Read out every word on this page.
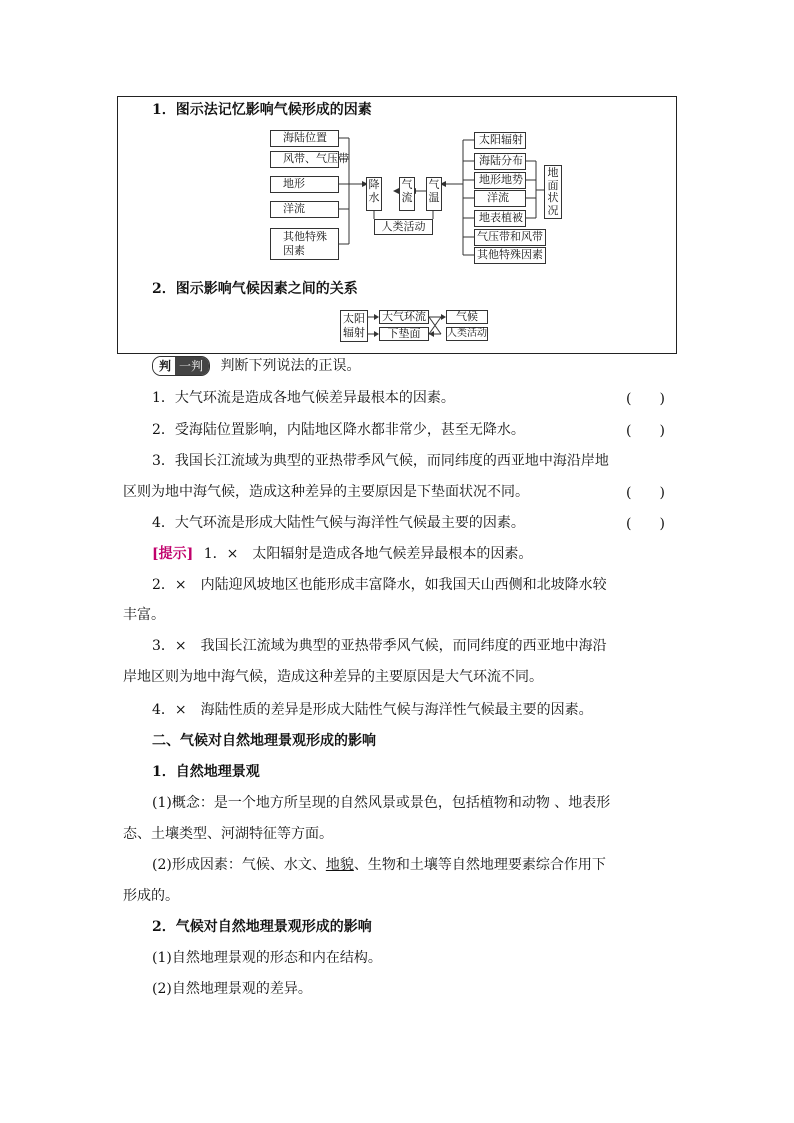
1．图示法记忆影响气候形成的因素
海陆位置
风带、气压带
地形
洋流
其他特殊
因素
降
水
气
流
气
温
人类活动
太阳辐射
海陆分布
地形地势
洋流
地表植被
气压带和风带
其他特殊因素
地
面
状
况
2．图示影响气候因素之间的关系
太阳
辐射
大气环流
下垫面
气候
人类活动
判 一判 判断下列说法的正误。
1．大气环流是造成各地气候差异最根本的因素。	(　　)
2．受海陆位置影响，内陆地区降水都非常少，甚至无降水。	(　　)
3．我国长江流域为典型的亚热带季风气候，而同纬度的西亚地中海沿岸地
区则为地中海气候，造成这种差异的主要原因是下垫面状况不同。	(　　)
4．大气环流是形成大陆性气候与海洋性气候最主要的因素。	(　　)
[提示] 1．×　太阳辐射是造成各地气候差异最根本的因素。
2．×　内陆迎风坡地区也能形成丰富降水，如我国天山西侧和北坡降水较
丰富。
3．×　我国长江流域为典型的亚热带季风气候，而同纬度的西亚地中海沿
岸地区则为地中海气候，造成这种差异的主要原因是大气环流不同。
4．×　海陆性质的差异是形成大陆性气候与海洋性气候最主要的因素。
二、气候对自然地理景观形成的影响
1．自然地理景观
(1)概念：是一个地方所呈现的自然风景或景色，包括植物和动物 、地表形
态、土壤类型、河湖特征等方面。
(2)形成因素：气候、水文、地貌、生物和土壤等自然地理要素综合作用下
形成的。
2．气候对自然地理景观形成的影响
(1)自然地理景观的形态和内在结构。
(2)自然地理景观的差异。
